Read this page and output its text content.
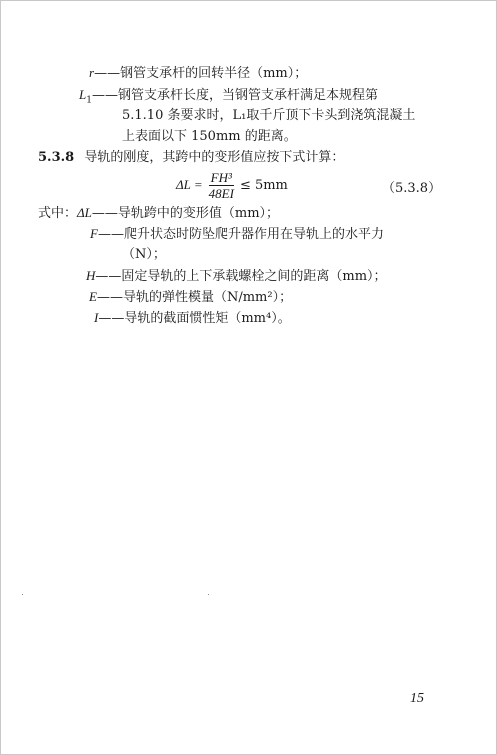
r——钢管支承杆的回转半径（mm）；
$L_1——$钢管支承杆长度，当钢管支承杆满足本规程第
5.1.10 条要求时，L₁取千斤顶下卡头到浇筑混凝土
上表面以下 150mm 的距离。
5.3.8 导轨的刚度，其跨中的变形值应按下式计算：
$\Delta L = \frac{\text{FH³}}{48EI} \le 5mm$	（5.3.8）
式中：ΔL——导轨跨中的变形值（mm）；
F——爬升状态时防坠爬升器作用在导轨上的水平力
（N）；
H——固定导轨的上下承载螺栓之间的距离（mm）；
E——导轨的弹性模量（N/mm²）；
I——导轨的截面惯性矩（mm⁴）。
15
